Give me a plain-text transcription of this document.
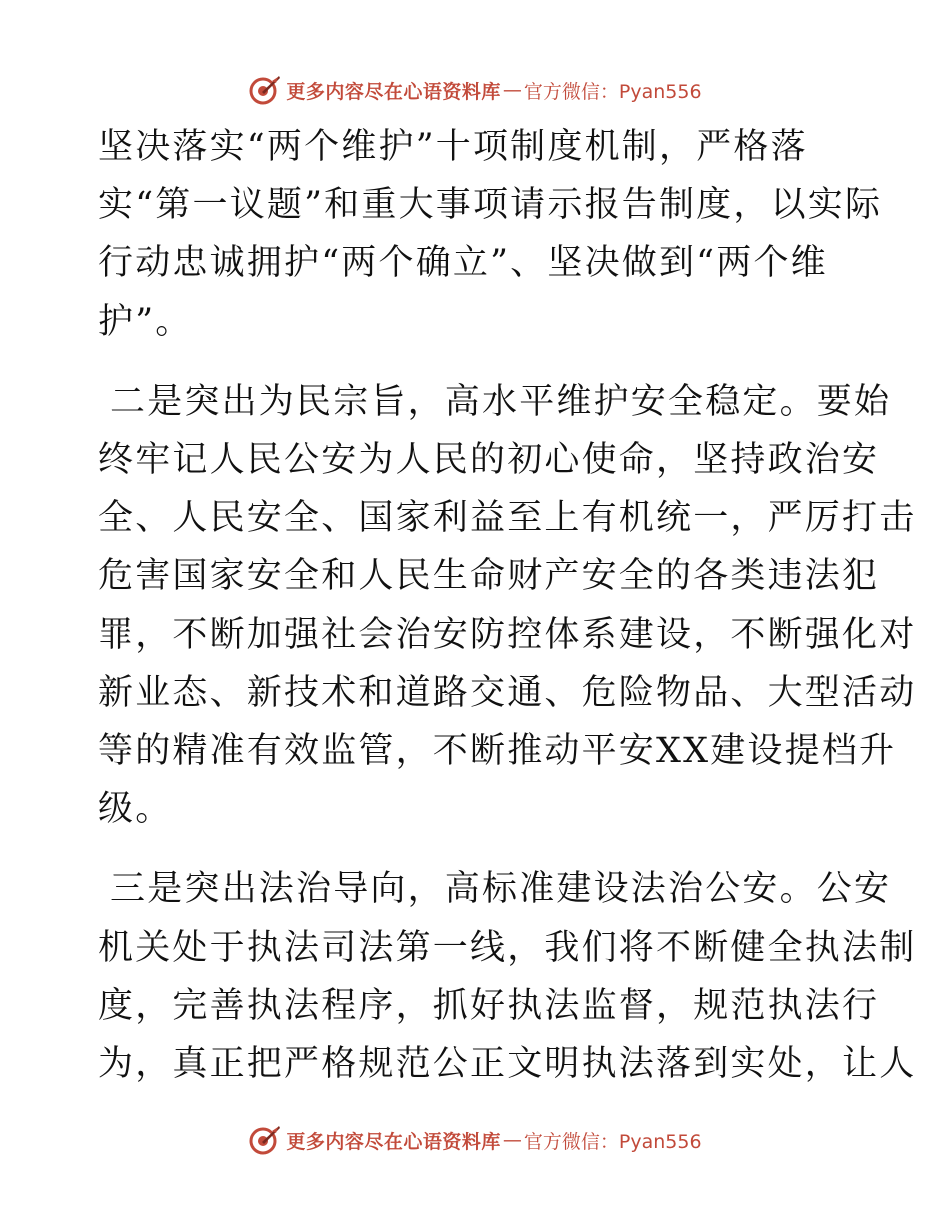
更多内容尽在心语资料库 — 官方微信：Pyan556
坚决落实“两个维护”十项制度机制，严格落
实“第一议题”和重大事项请示报告制度，以实际
行动忠诚拥护“两个确立”、坚决做到“两个维
护”。
二是突出为民宗旨，高水平维护安全稳定。要始
终牢记人民公安为人民的初心使命，坚持政治安
全、人民安全、国家利益至上有机统一，严厉打击
危害国家安全和人民生命财产安全的各类违法犯
罪，不断加强社会治安防控体系建设，不断强化对
新业态、新技术和道路交通、危险物品、大型活动
等的精准有效监管，不断推动平安XX建设提档升
级。
三是突出法治导向，高标准建设法治公安。公安
机关处于执法司法第一线，我们将不断健全执法制
度，完善执法程序，抓好执法监督，规范执法行
为，真正把严格规范公正文明执法落到实处，让人
更多内容尽在心语资料库 — 官方微信：Pyan556
